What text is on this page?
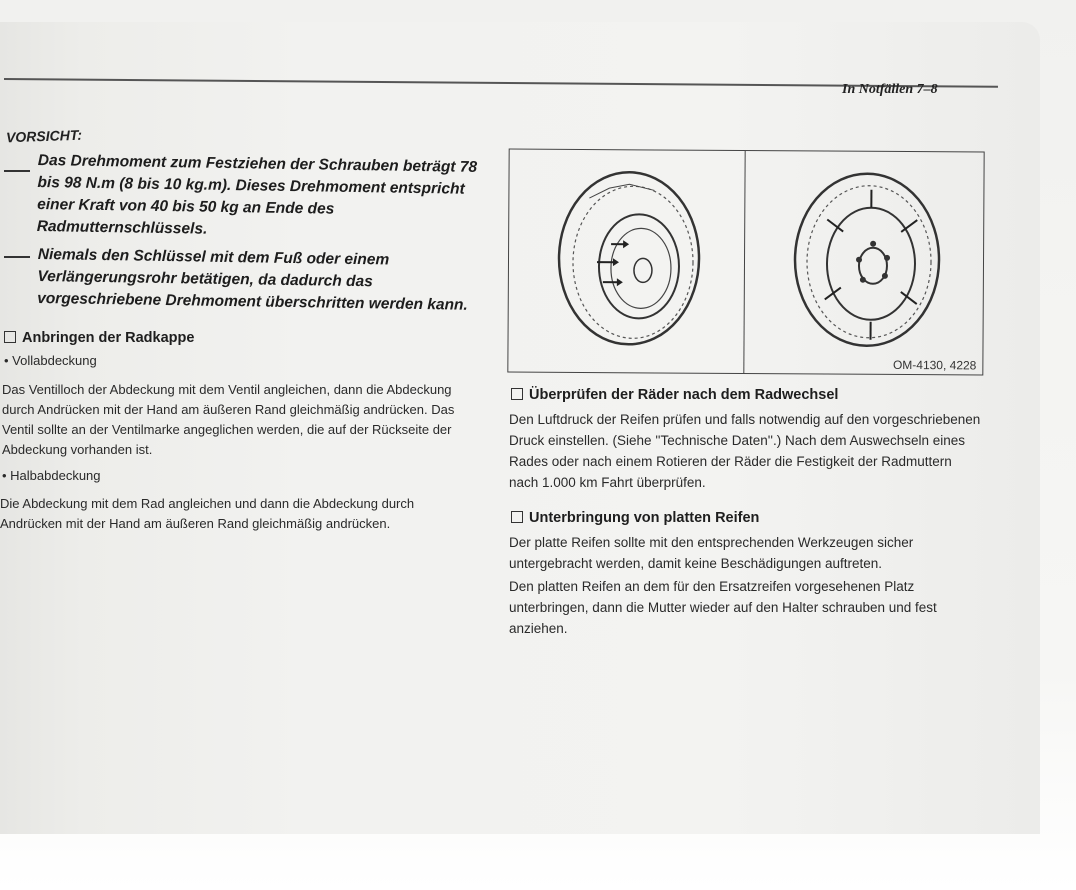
In Notfällen 7–8
VORSICHT:
Das Drehmoment zum Festziehen der Schrauben beträgt 78 bis 98 N.m (8 bis 10 kg.m). Dieses Drehmoment entspricht einer Kraft von 40 bis 50 kg an Ende des Radmutternschlüssels.
Niemals den Schlüssel mit dem Fuß oder einem Verlängerungsrohr betätigen, da dadurch das vorgeschriebene Drehmoment überschritten werden kann.
Anbringen der Radkappe
• Vollabdeckung
Das Ventilloch der Abdeckung mit dem Ventil angleichen, dann die Abdeckung durch Andrücken mit der Hand am äußeren Rand gleichmäßig andrücken. Das Ventil sollte an der Ventilmarke angeglichen werden, die auf der Rückseite der Abdeckung vorhanden ist.
• Halbabdeckung
Die Abdeckung mit dem Rad angleichen und dann die Abdeckung durch Andrücken mit der Hand am äußeren Rand gleichmäßig andrücken.
OM-4130, 4228
Überprüfen der Räder nach dem Radwechsel
Den Luftdruck der Reifen prüfen und falls notwendig auf den vorgeschriebenen Druck einstellen. (Siehe ''Technische Daten''.) Nach dem Auswechseln eines Rades oder nach einem Rotieren der Räder die Festigkeit der Radmuttern nach 1.000 km Fahrt überprüfen.
Unterbringung von platten Reifen
Der platte Reifen sollte mit den entsprechenden Werkzeugen sicher untergebracht werden, damit keine Beschädigungen auftreten.
Den platten Reifen an dem für den Ersatzreifen vorgesehenen Platz unterbringen, dann die Mutter wieder auf den Halter schrauben und fest anziehen.
